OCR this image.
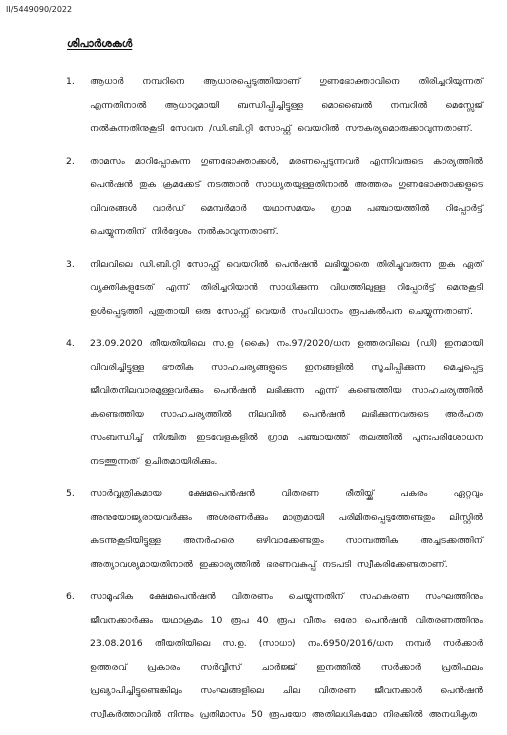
II/5449090/2022
ശിപാർശകൾ
1. ആധാർ നമ്പറിനെ ആധാരപ്പെടുത്തിയാണ് ഗുണഭോക്താവിനെ തിരിച്ചറിയുന്നത് എന്നതിനാൽ ആധാറുമായി ബന്ധിപ്പിച്ചിട്ടുള്ള മൊബൈൽ നമ്പറിൽ മെസ്സേജ് നൽകുന്നതിനുകൂടി സേവന /ഡി.ബി.റ്റി സോഫ്റ്റ് വെയറിൽ സൗകര്യമൊരുക്കാവുന്നതാണ്.
2. താമസം മാറിപ്പോകുന്ന ഗുണഭോക്താക്കൾ, മരണപ്പെടുന്നവർ എന്നിവരുടെ കാര്യത്തിൽ പെൻഷൻ തുക ക്രമക്കേട് നടത്താൻ സാധ്യതയുള്ളതിനാൽ അത്തരം ഗുണഭോക്താക്കളുടെ വിവരങ്ങൾ വാർഡ് മെമ്പർമാർ യഥാസമയം ഗ്രാമ പഞ്ചായത്തിൽ റിപ്പോർട്ട് ചെയ്യുന്നതിന് നിർദ്ദേശം നൽകാവുന്നതാണ്.
3. നിലവിലെ ഡി.ബി.റ്റി സോഫ്റ്റ് വെയറിൽ പെൻഷൻ ലഭിയ്ക്കാതെ തിരിച്ചുവരുന്ന തുക ഏത് വ്യക്തികളുടേത് എന്ന് തിരിച്ചറിയാൻ സാധിക്കുന്ന വിധത്തിലുള്ള റിപ്പോർട്ട് മെനുകൂടി ഉൾപ്പെടുത്തി പുതുതായി ഒരു സോഫ്റ്റ് വെയർ സംവിധാനം രൂപകൽപന ചെയ്യുന്നതാണ്.
4. 23.09.2020 തീയതിയിലെ സ.ഉ (കൈ) നം.97/2020/ധന ഉത്തരവിലെ (ഡി) ഇനമായി വിവരിച്ചിട്ടുള്ള ഭൗതിക സാഹചര്യങ്ങളുടെ ഇനങ്ങളിൽ സൂചിപ്പിക്കുന്ന മെച്ചപ്പെട്ട ജീവിതനിലവാരമുള്ളവർക്കും പെൻഷൻ ലഭിക്കുന്ന എന്ന് കണ്ടെത്തിയ സാഹചര്യത്തിൽ കണ്ടെത്തിയ സാഹചര്യത്തിൽ നിലവിൽ പെൻഷൻ ലഭിക്കുന്നവരുടെ അർഹത സംബന്ധിച്ച് നിശ്ചിത ഇടവേളകളിൽ ഗ്രാമ പഞ്ചായത്ത് തലത്തിൽ പുനഃപരിശോധന നടത്തുന്നത് ഉചിതമായിരിക്കും.
5. സാർവ്വത്രികമായ ക്ഷേമപെൻഷൻ വിതരണ രീതിയ്ക്ക് പകരം ഏറ്റവും അനുയോജ്യരായവർക്കും അശരണർക്കും മാത്രമായി പരിമിതപ്പെടുത്തേണ്ടതും ലിസ്റ്റിൽ കടന്നുകൂടിയിട്ടുള്ള അനർഹരെ ഒഴിവാക്കേണ്ടതും സാമ്പത്തിക അച്ചടക്കത്തിന് അത്യാവശ്യമായതിനാൽ ഇക്കാര്യത്തിൽ ഭരണവകുപ്പ് നടപടി സ്വീകരിക്കേണ്ടതാണ്.
6. സാമൂഹിക ക്ഷേമപെൻഷൻ വിതരണം ചെയ്യുന്നതിന് സഹകരണ സംഘത്തിനും ജീവനക്കാർക്കും യഥാക്രമം 10 രൂപ 40 രൂപ വീതം ഒരോ പെൻഷൻ വിതരണത്തിനും 23.08.2016 തീയതിയിലെ സ.ഉ. (സാധാ) നം.6950/2016/ധന നമ്പർ സർക്കാർ ഉത്തരവ് പ്രകാരം സർവ്വീസ് ചാർജ്ജ് ഇനത്തിൽ സർക്കാർ പ്രതിഫലം പ്രഖ്യാപിച്ചിട്ടുണ്ടെങ്കിലും സംഘങ്ങളിലെ ചില വിതരണ ജീവനക്കാർ പെൻഷൻ സ്വീകർത്താവിൽ നിന്നും പ്രതിമാസം 50 രൂപയോ അതിലധികമോ നിരക്കിൽ അനധികൃത
